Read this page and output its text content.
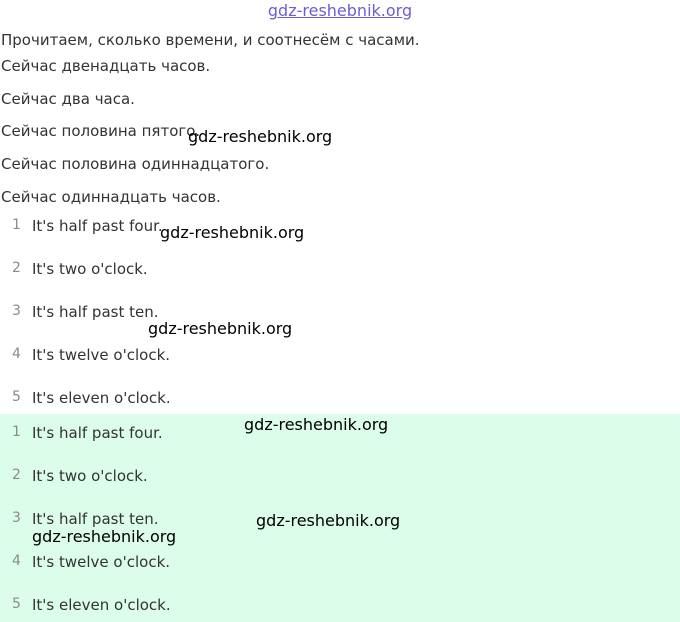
gdz-reshebnik.org
Прочитаем, сколько времени, и соотнесём с часами.
Сейчас двенадцать часов.
Сейчас два часа.
Сейчас половина пятого.
Сейчас половина одиннадцатого.
Сейчас одиннадцать часов.
1 It's half past four.
2 It's two o'clock.
3 It's half past ten.
4 It's twelve o'clock.
5 It's eleven o'clock.
1 It's half past four.
2 It's two o'clock.
3 It's half past ten.
4 It's twelve o'clock.
5 It's eleven o'clock.
gdz-reshebnik.org
gdz-reshebnik.org
gdz-reshebnik.org
gdz-reshebnik.org
gdz-reshebnik.org
gdz-reshebnik.org
